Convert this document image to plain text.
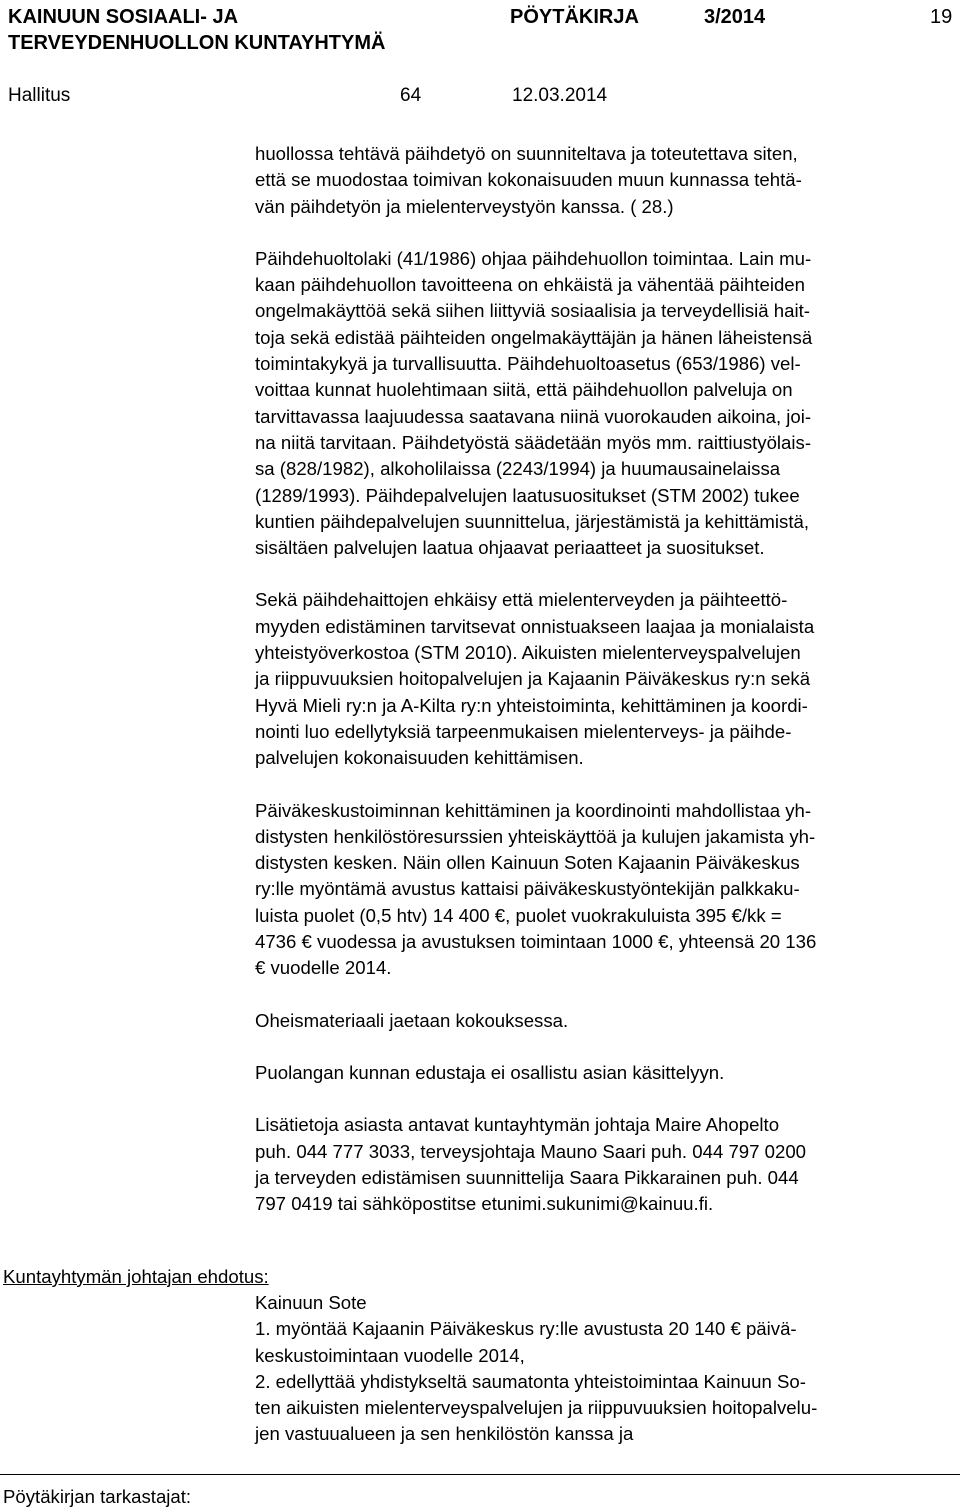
KAINUUN SOSIAALI- JA
TERVEYDENHUOLLON KUNTAYHTYMÄ
PÖYTÄKIRJA	3/2014	19
Hallitus	64	12.03.2014

huollossa tehtävä päihdetyö on suunniteltava ja toteutettava siten,
että se muodostaa toimivan kokonaisuuden muun kunnassa tehtä-
vän päihdetyön ja mielenterveystyön kanssa. ( 28.)

Päihdehuoltolaki (41/1986) ohjaa päihdehuollon toimintaa. Lain mu-
kaan päihdehuollon tavoitteena on ehkäistä ja vähentää päihteiden
ongelmakäyttöä sekä siihen liittyviä sosiaalisia ja terveydellisiä hait-
toja sekä edistää päihteiden ongelmakäyttäjän ja hänen läheistensä
toimintakykyä ja turvallisuutta. Päihdehuoltoasetus (653/1986) vel-
voittaa kunnat huolehtimaan siitä, että päihdehuollon palveluja on
tarvittavassa laajuudessa saatavana niinä vuorokauden aikoina, joi-
na niitä tarvitaan. Päihdetyöstä säädetään myös mm. raittiustyölais-
sa (828/1982), alkoholilaissa (2243/1994) ja huumausainelaissa
(1289/1993). Päihdepalvelujen laatusuositukset (STM 2002) tukee
kuntien päihdepalvelujen suunnittelua, järjestämistä ja kehittämistä,
sisältäen palvelujen laatua ohjaavat periaatteet ja suositukset.

Sekä päihdehaittojen ehkäisy että mielenterveyden ja päihteettö-
myyden edistäminen tarvitsevat onnistuakseen laajaa ja monialaista
yhteistyöverkostoa (STM 2010). Aikuisten mielenterveyspalvelujen
ja riippuvuuksien hoitopalvelujen ja Kajaanin Päiväkeskus ry:n sekä
Hyvä Mieli ry:n ja A-Kilta ry:n yhteistoiminta, kehittäminen ja koordi-
nointi luo edellytyksiä tarpeenmukaisen mielenterveys- ja päihde-
palvelujen kokonaisuuden kehittämisen.

Päiväkeskustoiminnan kehittäminen ja koordinointi mahdollistaa yh-
distysten henkilöstöresurssien yhteiskäyttöä ja kulujen jakamista yh-
distysten kesken. Näin ollen Kainuun Soten Kajaanin Päiväkeskus
ry:lle myöntämä avustus kattaisi päiväkeskustyöntekijän palkkaku-
luista puolet (0,5 htv) 14 400 €, puolet vuokrakuluista 395 €/kk =
4736 € vuodessa ja avustuksen toimintaan 1000 €, yhteensä 20 136
€ vuodelle 2014.

Oheismateriaali jaetaan kokouksessa.

Puolangan kunnan edustaja ei osallistu asian käsittelyyn.

Lisätietoja asiasta antavat kuntayhtymän johtaja Maire Ahopelto
puh. 044 777 3033, terveysjohtaja Mauno Saari puh. 044 797 0200
ja terveyden edistämisen suunnittelija Saara Pikkarainen puh. 044
797 0419 tai sähköpostitse etunimi.sukunimi@kainuu.fi.

Kuntayhtymän johtajan ehdotus:

Kainuun Sote

1. myöntää Kajaanin Päiväkeskus ry:lle avustusta 20 140 € päivä-
keskustoimintaan vuodelle 2014,

2. edellyttää yhdistykseltä saumatonta yhteistoimintaa Kainuun So-
ten aikuisten mielenterveyspalvelujen ja riippuvuuksien hoitopalvelu-
jen vastuualueen ja sen henkilöstön kanssa ja

Pöytäkirjan tarkastajat:
